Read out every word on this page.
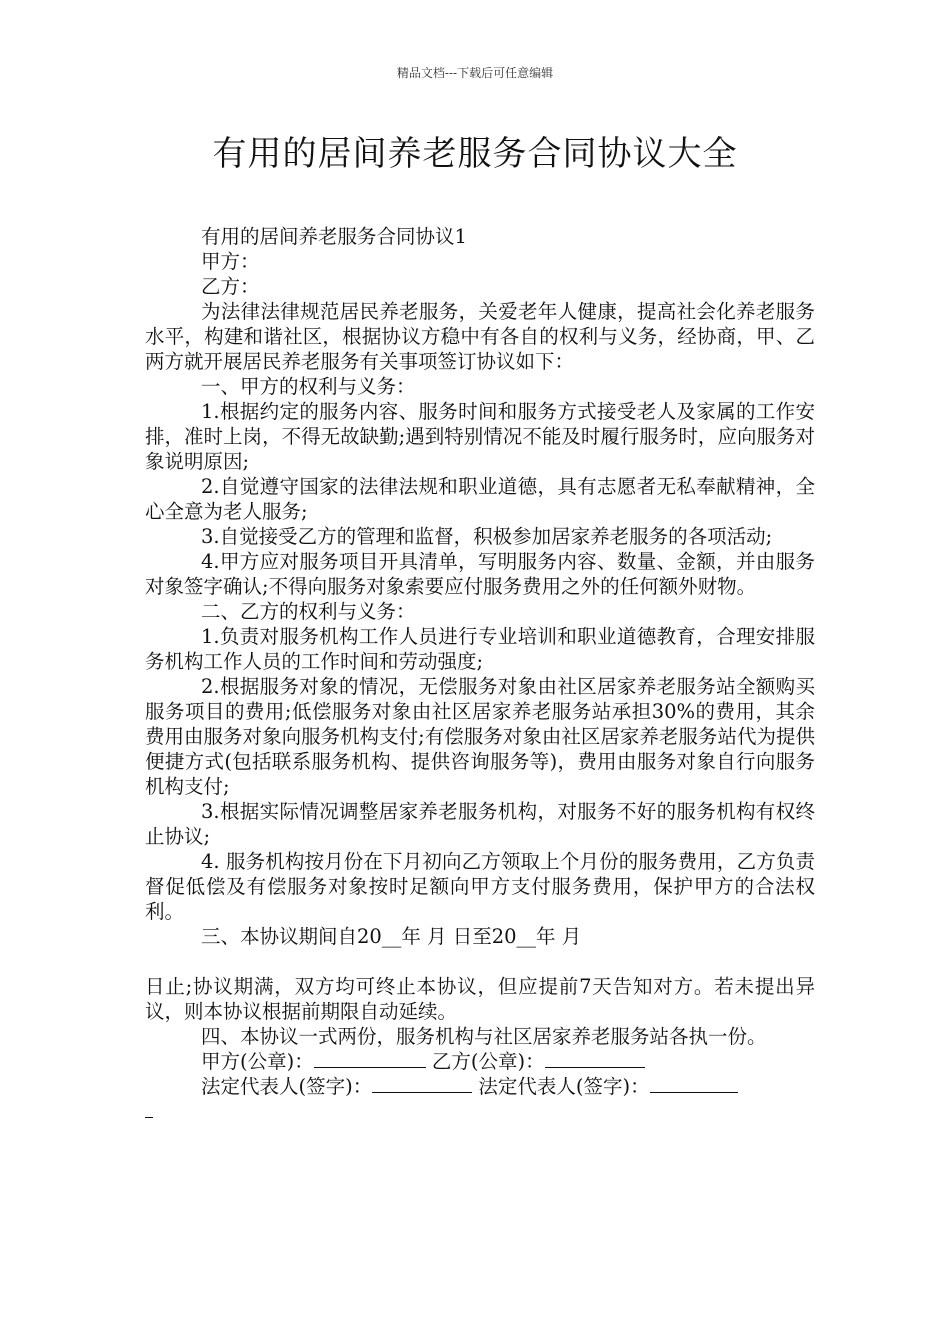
精品文档---下载后可任意编辑
有用的居间养老服务合同协议大全

有用的居间养老服务合同协议1

甲方：

乙方：

为法律法律规范居民养老服务，关爱老年人健康，提高社会化养老服务水平，构建和谐社区，根据协议方稳中有各自的权利与义务，经协商，甲、乙两方就开展居民养老服务有关事项签订协议如下：

一、甲方的权利与义务：

1.根据约定的服务内容、服务时间和服务方式接受老人及家属的工作安排，准时上岗，不得无故缺勤;遇到特别情况不能及时履行服务时，应向服务对象说明原因;

2.自觉遵守国家的法律法规和职业道德，具有志愿者无私奉献精神，全心全意为老人服务;

3.自觉接受乙方的管理和监督，积极参加居家养老服务的各项活动;

4.甲方应对服务项目开具清单，写明服务内容、数量、金额，并由服务对象签字确认;不得向服务对象索要应付服务费用之外的任何额外财物。

二、乙方的权利与义务：

1.负责对服务机构工作人员进行专业培训和职业道德教育，合理安排服务机构工作人员的工作时间和劳动强度;

2.根据服务对象的情况，无偿服务对象由社区居家养老服务站全额购买服务项目的费用;低偿服务对象由社区居家养老服务站承担30%的费用，其余费用由服务对象向服务机构支付;有偿服务对象由社区居家养老服务站代为提供便捷方式(包括联系服务机构、提供咨询服务等)，费用由服务对象自行向服务机构支付;

3.根据实际情况调整居家养老服务机构，对服务不好的服务机构有权终止协议;

4. 服务机构按月份在下月初向乙方领取上个月份的服务费用，乙方负责督促低偿及有偿服务对象按时足额向甲方支付服务费用，保护甲方的合法权利。

三、本协议期间自20__年 月 日至20__年 月

日止;协议期满，双方均可终止本协议，但应提前7天告知对方。若未提出异议，则本协议根据前期限自动延续。

四、本协议一式两份，服务机构与社区居家养老服务站各执一份。

甲方(公章)：	乙方(公章)：

法定代表人(签字)：	法定代表人(签字)：
